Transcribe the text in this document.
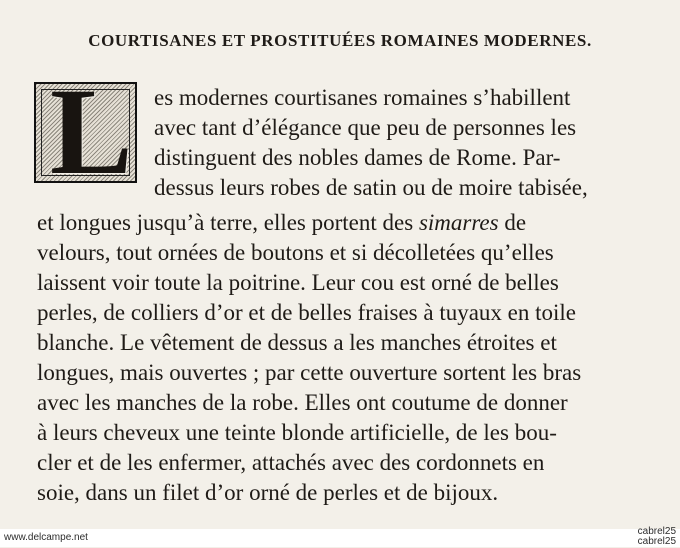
COURTISANES ET PROSTITUÉES ROMAINES MODERNES.
L es modernes courtisanes romaines s’habillent
avec tant d’élégance que peu de personnes les
distinguent des nobles dames de Rome. Par-
dessus leurs robes de satin ou de moire tabisée,
et longues jusqu’à terre, elles portent des simarres de
velours, tout ornées de boutons et si décolletées qu’elles
laissent voir toute la poitrine. Leur cou est orné de belles
perles, de colliers d’or et de belles fraises à tuyaux en toile
blanche. Le vêtement de dessus a les manches étroites et
longues, mais ouvertes ; par cette ouverture sortent les bras
avec les manches de la robe. Elles ont coutume de donner
à leurs cheveux une teinte blonde artificielle, de les bou-
cler et de les enfermer, attachés avec des cordonnets en
soie, dans un filet d’or orné de perles et de bijoux.
www.delcampe.net
cabrel25
cabrel25
